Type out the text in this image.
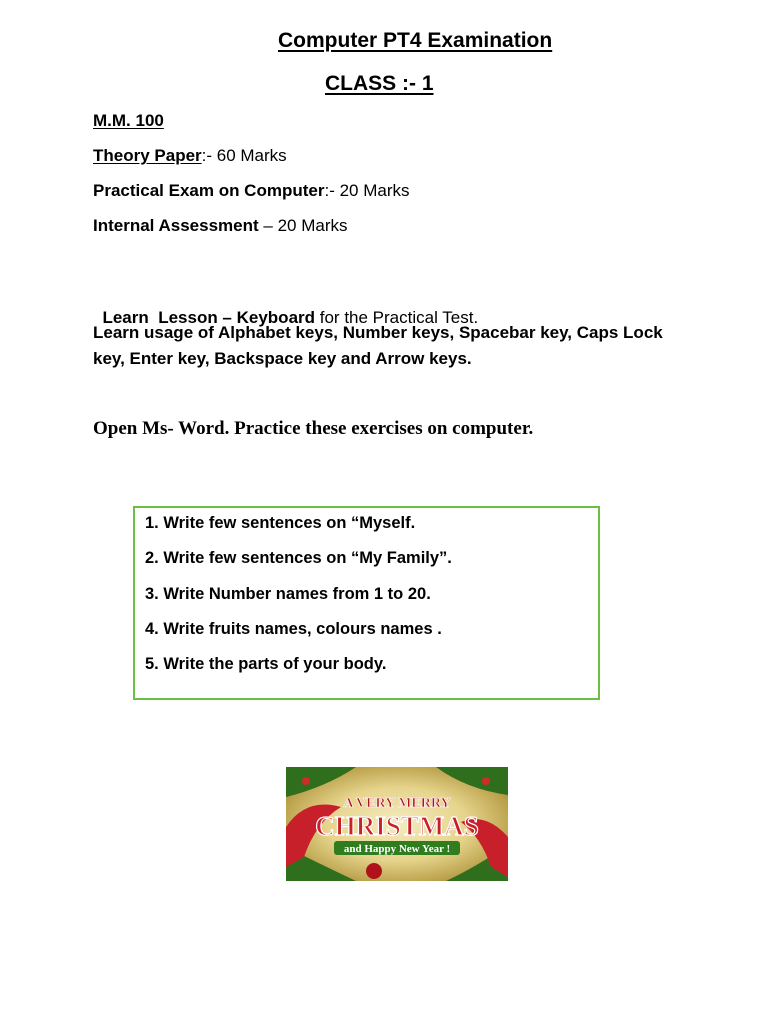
Computer PT4 Examination
CLASS :- 1
M.M. 100
Theory Paper:- 60 Marks
Practical Exam on Computer:- 20 Marks
Internal Assessment – 20 Marks

Learn  Lesson – Keyboard for the Practical Test.

Learn usage of Alphabet keys, Number keys, Spacebar key, Caps Lock
key, Enter key, Backspace key and Arrow keys.
Open Ms- Word. Practice these exercises on computer.
1. Write few sentences on “Myself.
2. Write few sentences on “My Family”.
3. Write Number names from 1 to 20.
4. Write fruits names, colours names .
5. Write the parts of your body.
A VERY MERRY
CHRISTMAS
and Happy New Year !
